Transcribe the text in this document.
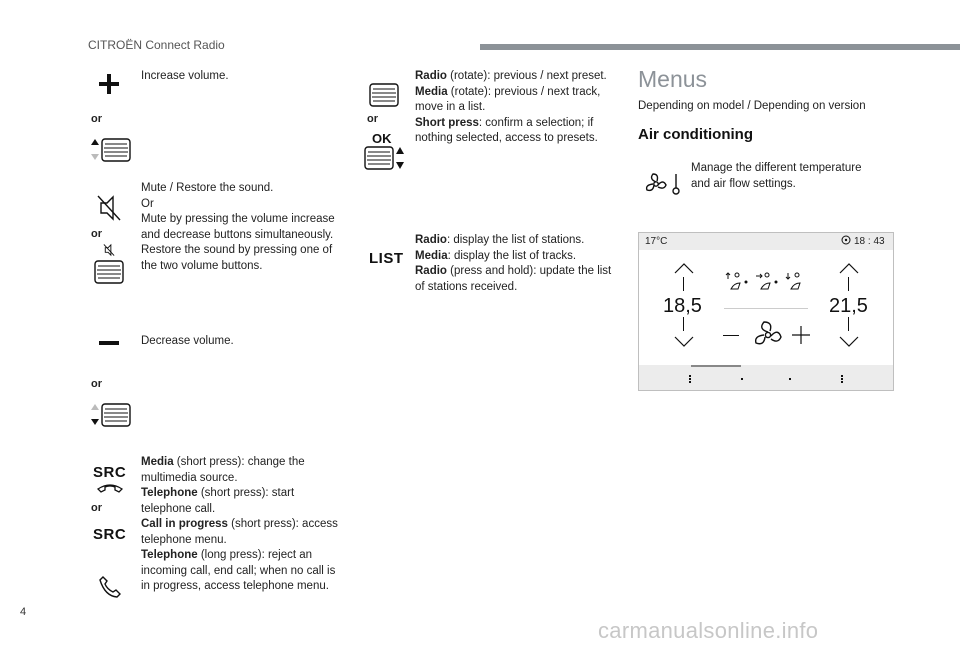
CITROËN Connect Radio
or
Increase volume.
or

Mute / Restore the sound.

Or

Mute by pressing the volume increase and decrease buttons simultaneously.

Restore the sound by pressing one of the two volume buttons.

or
Decrease volume.
SRC
or
SRC

Media (short press): change the multimedia source.

Telephone (short press): start telephone call.

Call in progress (short press): access telephone menu.

Telephone (long press): reject an incoming call, end call; when no call is in progress, access telephone menu.

or
OK

Radio (rotate): previous / next preset.

Media (rotate): previous / next track, move in a list.

Short press: confirm a selection; if nothing selected, access to presets.

LIST

Radio: display the list of stations.

Media: display the list of tracks.

Radio (press and hold): update the list of stations received.

Menus
Depending on model / Depending on version
Air conditioning
Manage the different temperature and air flow settings.
17°C	18 : 43
18,5	21,5
4
carmanualsonline.info
